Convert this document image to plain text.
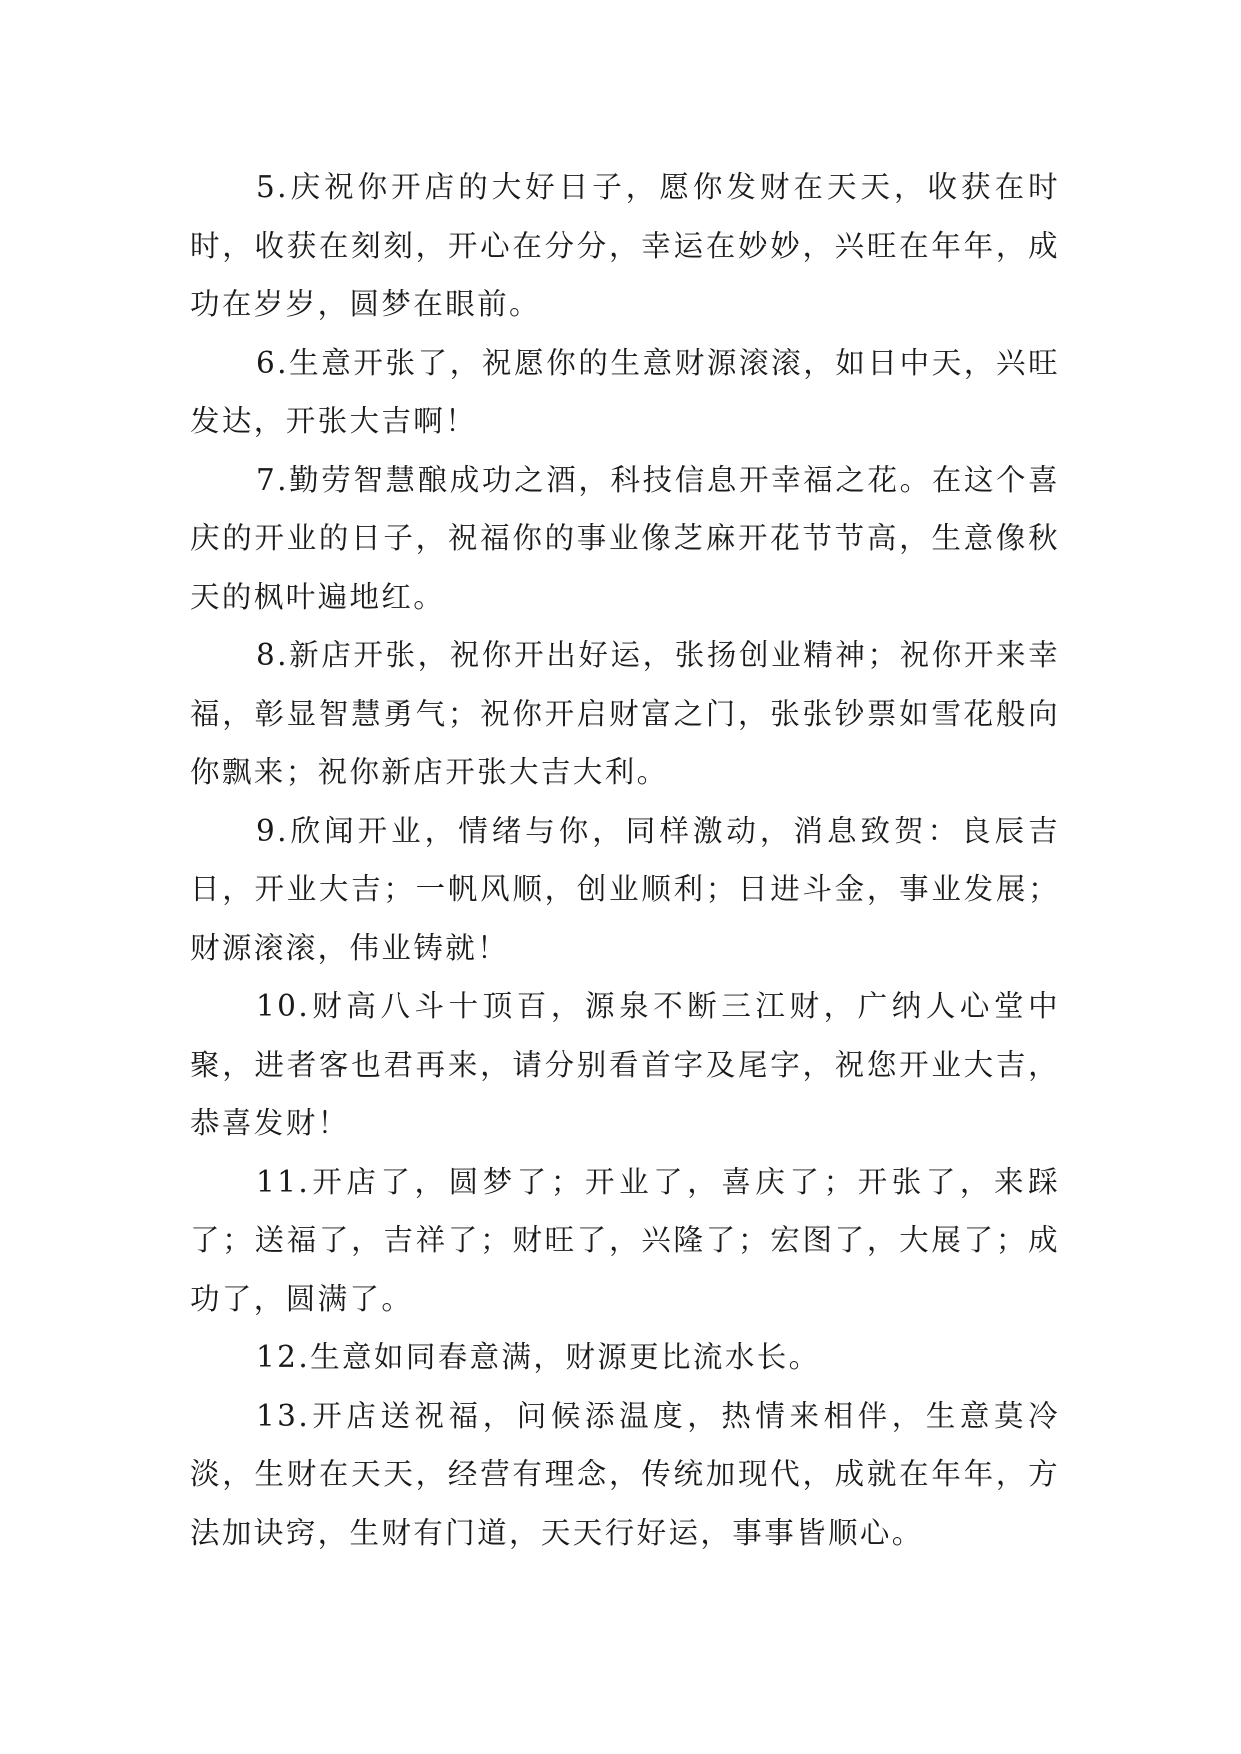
5.庆祝你开店的大好日子，愿你发财在天天，收获在时时，收获在刻刻，开心在分分，幸运在妙妙，兴旺在年年，成功在岁岁，圆梦在眼前。

6.生意开张了，祝愿你的生意财源滚滚，如日中天，兴旺发达，开张大吉啊！

7.勤劳智慧酿成功之酒，科技信息开幸福之花。在这个喜庆的开业的日子，祝福你的事业像芝麻开花节节高，生意像秋天的枫叶遍地红。

8.新店开张，祝你开出好运，张扬创业精神；祝你开来幸福，彰显智慧勇气；祝你开启财富之门，张张钞票如雪花般向你飘来；祝你新店开张大吉大利。

9.欣闻开业，情绪与你，同样激动，消息致贺：良辰吉日，开业大吉；一帆风顺，创业顺利；日进斗金，事业发展；财源滚滚，伟业铸就！

10.财高八斗十顶百，源泉不断三江财，广纳人心堂中聚，进者客也君再来，请分别看首字及尾字，祝您开业大吉，恭喜发财！

11.开店了，圆梦了；开业了，喜庆了；开张了，来踩了；送福了，吉祥了；财旺了，兴隆了；宏图了，大展了；成功了，圆满了。

12.生意如同春意满，财源更比流水长。

13.开店送祝福，问候添温度，热情来相伴，生意莫冷淡，生财在天天，经营有理念，传统加现代，成就在年年，方法加诀窍，生财有门道，天天行好运，事事皆顺心。
